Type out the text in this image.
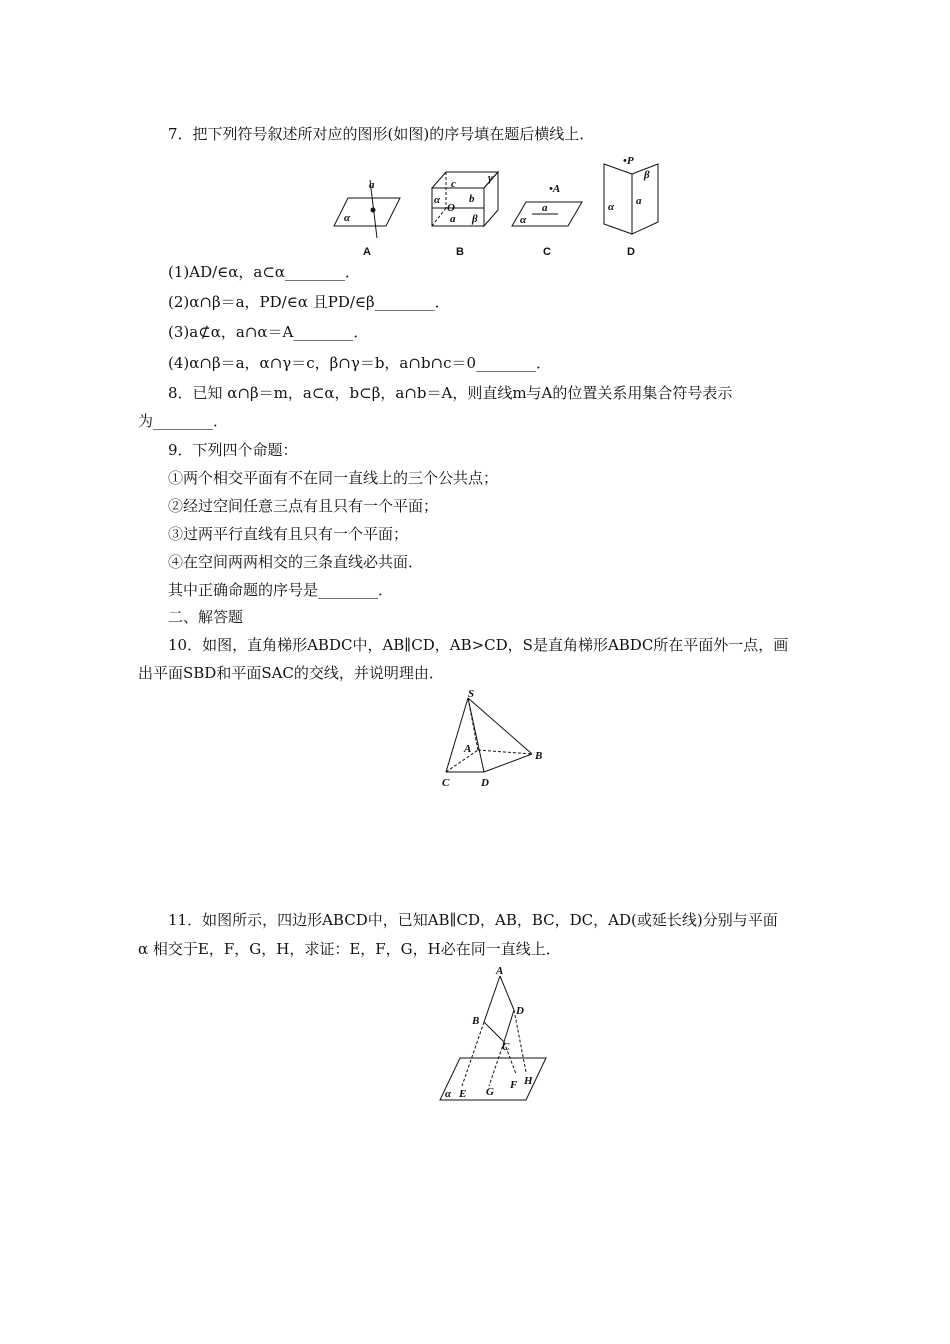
7．把下列符号叙述所对应的图形(如图)的序号填在题后横线上．
a
α
A
c	γ
α
O
b
a β
B
•A
a
α
C
•P
β
α a
D
(1)AD/∈α，a⊂α________．
(2)α∩β＝a，PD/∈α 且PD/∈β________．
(3)a⊄α，a∩α＝A________．
(4)α∩β＝a，α∩γ＝c，β∩γ＝b，a∩b∩c＝0________．
8．已知 α∩β＝m，a⊂α，b⊂β，a∩b＝A，则直线m与A的位置关系用集合符号表示
为________．
9．下列四个命题：
①两个相交平面有不在同一直线上的三个公共点；
②经过空间任意三点有且只有一个平面；
③过两平行直线有且只有一个平面；
④在空间两两相交的三条直线必共面．
其中正确命题的序号是________．
二、解答题
10．如图，直角梯形ABDC中，AB∥CD，AB>CD，S是直角梯形ABDC所在平面外一点，画
出平面SBD和平面SAC的交线，并说明理由．
S
A
B
C	D
11．如图所示，四边形ABCD中，已知AB∥CD，AB，BC，DC，AD(或延长线)分别与平面
α 相交于E，F，G，H，求证：E，F，G，H必在同一直线上．
A
D
B
C
H
F
α E G
